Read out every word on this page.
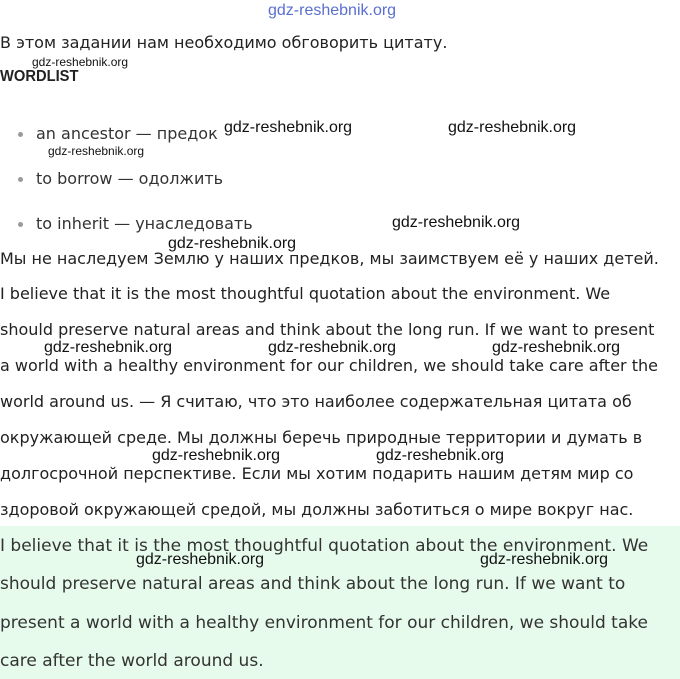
gdz-reshebnik.org
gdz-reshebnik.org
gdz-reshebnik.org	gdz-reshebnik.org
gdz-reshebnik.org
gdz-reshebnik.org
gdz-reshebnik.org
gdz-reshebnik.org	gdz-reshebnik.org	gdz-reshebnik.org
gdz-reshebnik.org	gdz-reshebnik.org
gdz-reshebnik.org	gdz-reshebnik.org
В этом задании нам необходимо обговорить цитату.
WORDLIST
an ancestor — предок
to borrow — одолжить
to inherit — унаследовать
Мы не наследуем Землю у наших предков, мы заимствуем её у наших детей.
I believe that it is the most thoughtful quotation about the environment. We
should preserve natural areas and think about the long run. If we want to present
a world with a healthy environment for our children, we should take care after the
world around us. — Я считаю, что это наиболее содержательная цитата об
окружающей среде. Мы должны беречь природные территории и думать в
долгосрочной перспективе. Если мы хотим подарить нашим детям мир со
здоровой окружающей средой, мы должны заботиться о мире вокруг нас.
I believe that it is the most thoughtful quotation about the environment. We
should preserve natural areas and think about the long run. If we want to
present a world with a healthy environment for our children, we should take
care after the world around us.
